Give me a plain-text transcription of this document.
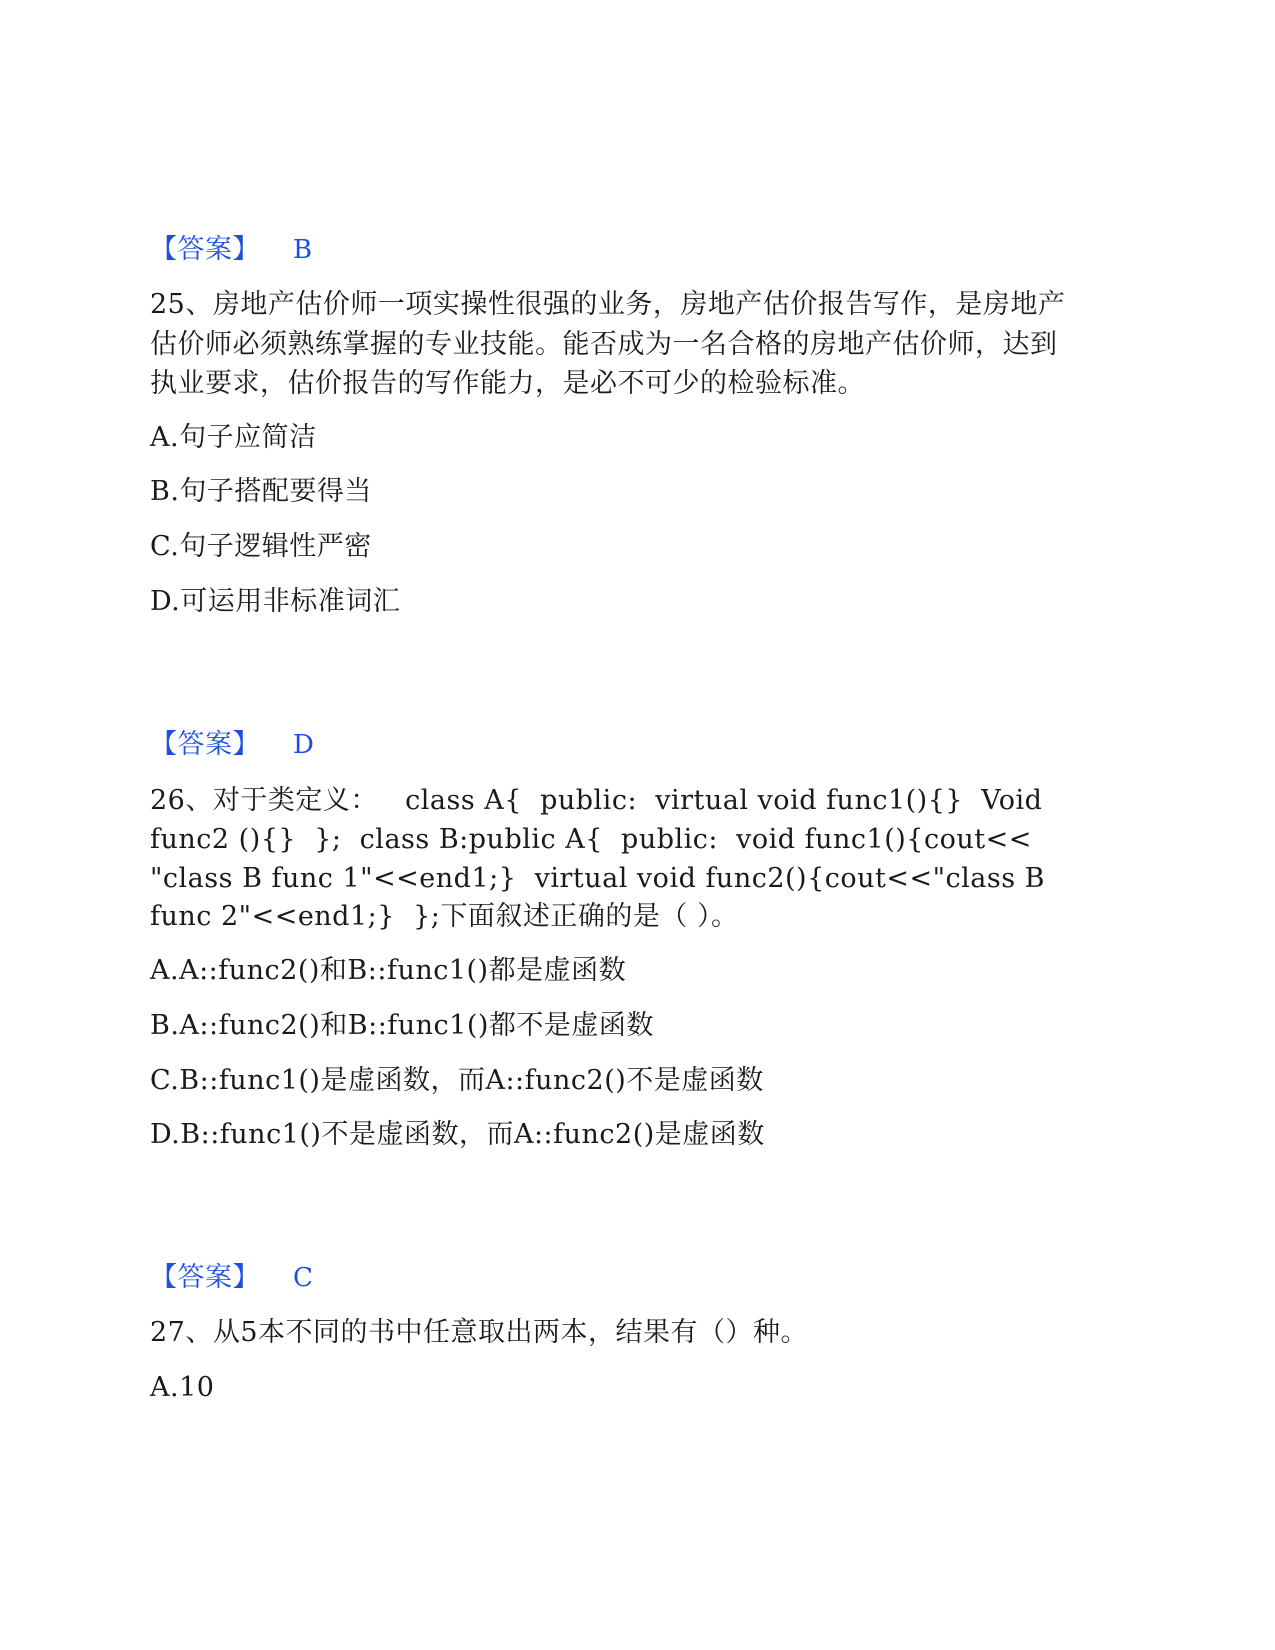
【答案】 B
25、房地产估价师一项实操性很强的业务，房地产估价报告写作，是房地产
估价师必须熟练掌握的专业技能。能否成为一名合格的房地产估价师，达到
执业要求，估价报告的写作能力，是必不可少的检验标准。
A.句子应简洁
B.句子搭配要得当
C.句子逻辑性严密
D.可运用非标准词汇
【答案】 D
26、对于类定义：   class A{  public:  virtual void func1(){}  Void
func2 (){}  };  class B:public A{  public:  void func1(){cout<<
"class B func 1"<<end1;}  virtual void func2(){cout<<"class B
func 2"<<end1;}  };下面叙述正确的是（ ）。
A.A::func2()和B::func1()都是虚函数
B.A::func2()和B::func1()都不是虚函数
C.B::func1()是虚函数，而A::func2()不是虚函数
D.B::func1()不是虚函数，而A::func2()是虚函数
【答案】 C
27、从5本不同的书中任意取出两本，结果有（）种。
A.10
